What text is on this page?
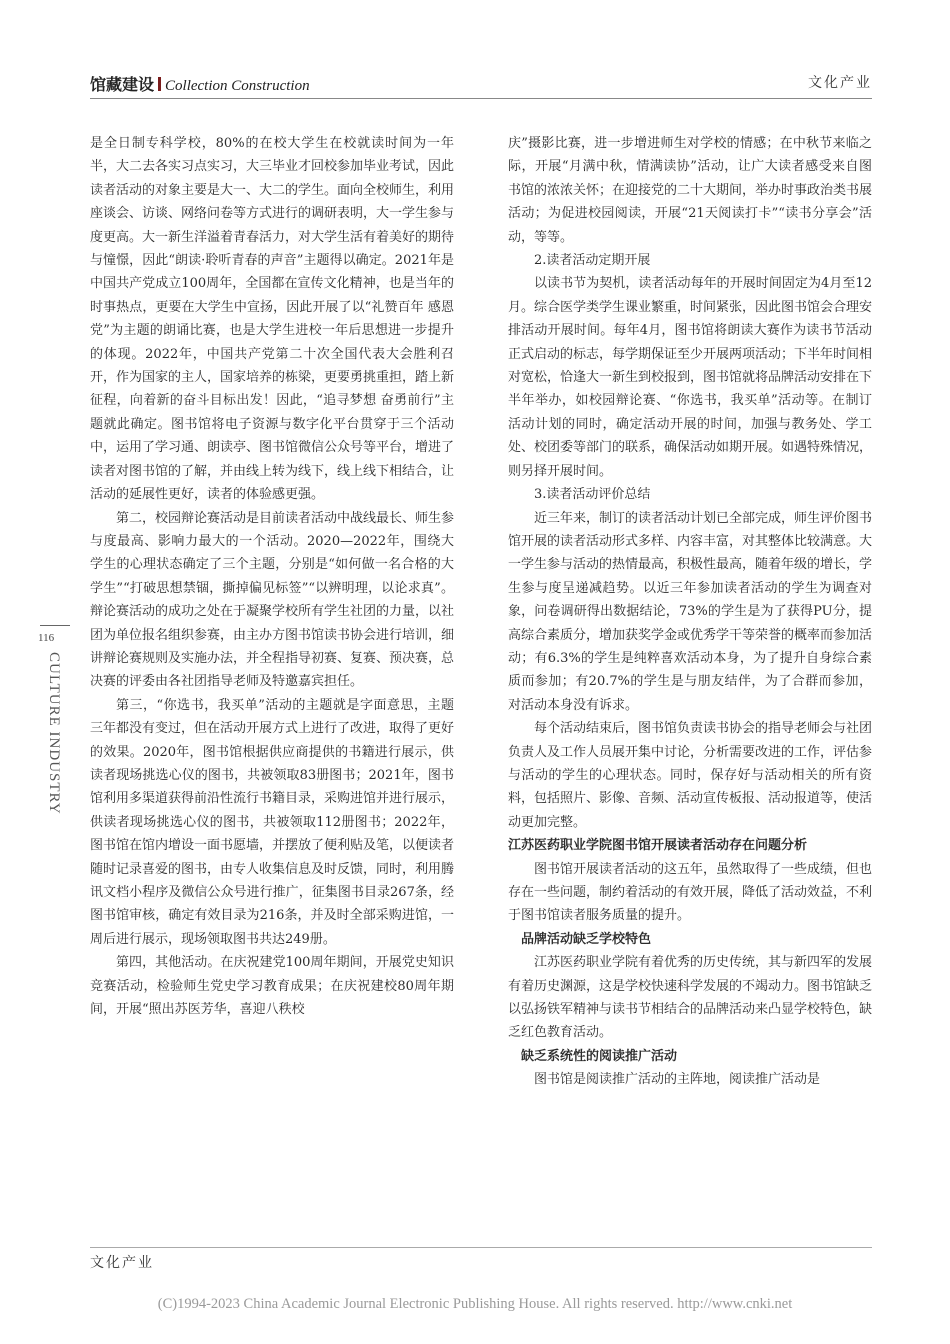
馆藏建设 Collection Construction	文化产业
116
CULTURE INDUSTRY

是全日制专科学校，80%的在校大学生在校就读时间为一年半，大二去各实习点实习，大三毕业才回校参加毕业考试，因此读者活动的对象主要是大一、大二的学生。面向全校师生，利用座谈会、访谈、网络问卷等方式进行的调研表明，大一学生参与度更高。大一新生洋溢着青春活力，对大学生活有着美好的期待与憧憬，因此“朗读·聆听青春的声音”主题得以确定。2021年是中国共产党成立100周年，全国都在宣传文化精神，也是当年的时事热点，更要在大学生中宣扬，因此开展了以“礼赞百年 感恩党”为主题的朗诵比赛，也是大学生进校一年后思想进一步提升的体现。2022年，中国共产党第二十次全国代表大会胜利召开，作为国家的主人，国家培养的栋梁，更要勇挑重担，踏上新征程，向着新的奋斗目标出发！因此，“追寻梦想 奋勇前行”主题就此确定。图书馆将电子资源与数字化平台贯穿于三个活动中，运用了学习通、朗读亭、图书馆微信公众号等平台，增进了读者对图书馆的了解，并由线上转为线下，线上线下相结合，让活动的延展性更好，读者的体验感更强。

第二，校园辩论赛活动是目前读者活动中战线最长、师生参与度最高、影响力最大的一个活动。2020—2022年，围绕大学生的心理状态确定了三个主题，分别是“如何做一名合格的大学生”“打破思想禁锢，撕掉偏见标签”“以辨明理，以论求真”。辩论赛活动的成功之处在于凝聚学校所有学生社团的力量，以社团为单位报名组织参赛，由主办方图书馆读书协会进行培训，细讲辩论赛规则及实施办法，并全程指导初赛、复赛、预决赛，总决赛的评委由各社团指导老师及特邀嘉宾担任。

第三，“你选书，我买单”活动的主题就是字面意思，主题三年都没有变过，但在活动开展方式上进行了改进，取得了更好的效果。2020年，图书馆根据供应商提供的书籍进行展示，供读者现场挑选心仪的图书，共被领取83册图书；2021年，图书馆利用多渠道获得前沿性流行书籍目录，采购进馆并进行展示，供读者现场挑选心仪的图书，共被领取112册图书；2022年，图书馆在馆内增设一面书愿墙，并摆放了便利贴及笔，以便读者随时记录喜爱的图书，由专人收集信息及时反馈，同时，利用腾讯文档小程序及微信公众号进行推广，征集图书目录267条，经图书馆审核，确定有效目录为216条，并及时全部采购进馆，一周后进行展示，现场领取图书共达249册。

第四，其他活动。在庆祝建党100周年期间，开展党史知识竞赛活动，检验师生党史学习教育成果；在庆祝建校80周年期间，开展“照出苏医芳华，喜迎八秩校

庆”摄影比赛，进一步增进师生对学校的情感；在中秋节来临之际，开展“月满中秋，情满读协”活动，让广大读者感受来自图书馆的浓浓关怀；在迎接党的二十大期间，举办时事政治类书展活动；为促进校园阅读，开展“21天阅读打卡”“读书分享会”活动，等等。

2.读者活动定期开展

以读书节为契机，读者活动每年的开展时间固定为4月至12月。综合医学类学生课业繁重，时间紧张，因此图书馆会合理安排活动开展时间。每年4月，图书馆将朗读大赛作为读书节活动正式启动的标志，每学期保证至少开展两项活动；下半年时间相对宽松，恰逢大一新生到校报到，图书馆就将品牌活动安排在下半年举办，如校园辩论赛、“你选书，我买单”活动等。在制订活动计划的同时，确定活动开展的时间，加强与教务处、学工处、校团委等部门的联系，确保活动如期开展。如遇特殊情况，则另择开展时间。

3.读者活动评价总结

近三年来，制订的读者活动计划已全部完成，师生评价图书馆开展的读者活动形式多样、内容丰富，对其整体比较满意。大一学生参与活动的热情最高，积极性最高，随着年级的增长，学生参与度呈递减趋势。以近三年参加读者活动的学生为调查对象，问卷调研得出数据结论，73%的学生是为了获得PU分，提高综合素质分，增加获奖学金或优秀学干等荣誉的概率而参加活动；有6.3%的学生是纯粹喜欢活动本身，为了提升自身综合素质而参加；有20.7%的学生是与朋友结伴，为了合群而参加，对活动本身没有诉求。

每个活动结束后，图书馆负责读书协会的指导老师会与社团负责人及工作人员展开集中讨论，分析需要改进的工作，评估参与活动的学生的心理状态。同时，保存好与活动相关的所有资料，包括照片、影像、音频、活动宣传板报、活动报道等，使活动更加完整。

江苏医药职业学院图书馆开展读者活动存在问题分析

图书馆开展读者活动的这五年，虽然取得了一些成绩，但也存在一些问题，制约着活动的有效开展，降低了活动效益，不利于图书馆读者服务质量的提升。

品牌活动缺乏学校特色

江苏医药职业学院有着优秀的历史传统，其与新四军的发展有着历史渊源，这是学校快速科学发展的不竭动力。图书馆缺乏以弘扬铁军精神与读书节相结合的品牌活动来凸显学校特色，缺乏红色教育活动。

缺乏系统性的阅读推广活动

图书馆是阅读推广活动的主阵地，阅读推广活动是

文化产业
(C)1994-2023 China Academic Journal Electronic Publishing House. All rights reserved. http://www.cnki.net
